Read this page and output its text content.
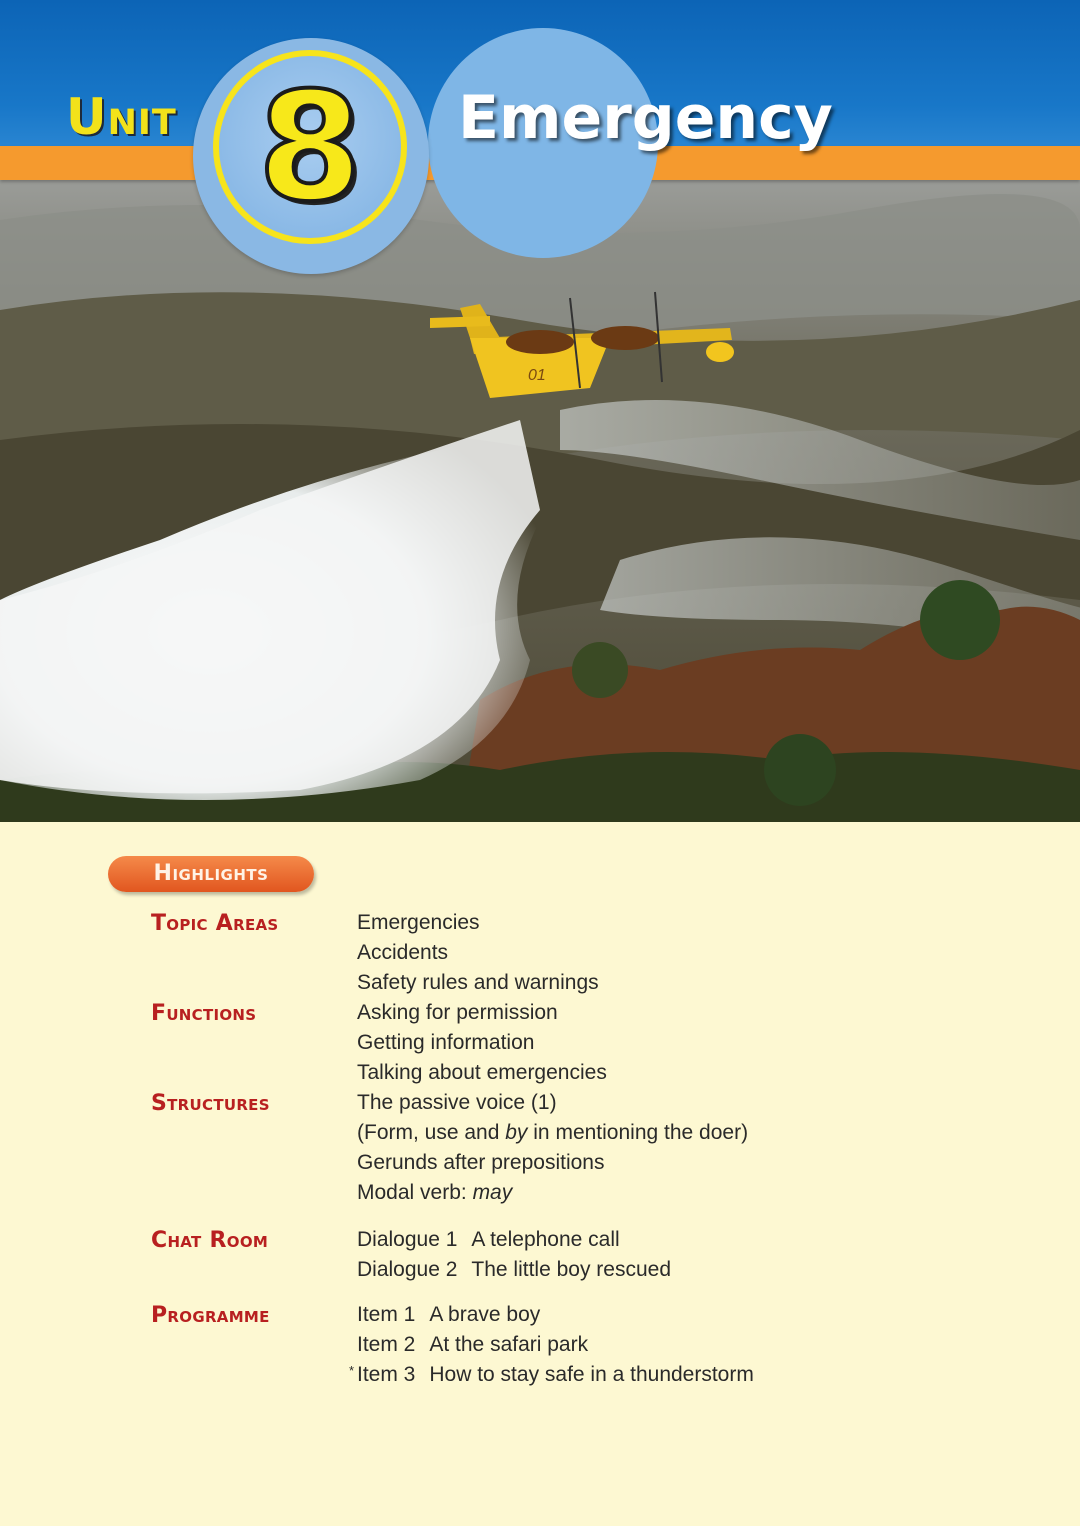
01
8
Unit	Emergency
Highlights
Topic Areas	Emergencies
Accidents
Safety rules and warnings
Functions	Asking for permission
Getting information
Talking about emergencies
Structures	The passive voice (1)
(Form, use and by in mentioning the doer)
Gerunds after prepositions
Modal verb: may
Chat Room	Dialogue 1 A telephone call
Dialogue 2 The little boy rescued
Programme	Item 1 A brave boy
Item 2 At the safari park
* Item 3 How to stay safe in a thunderstorm
